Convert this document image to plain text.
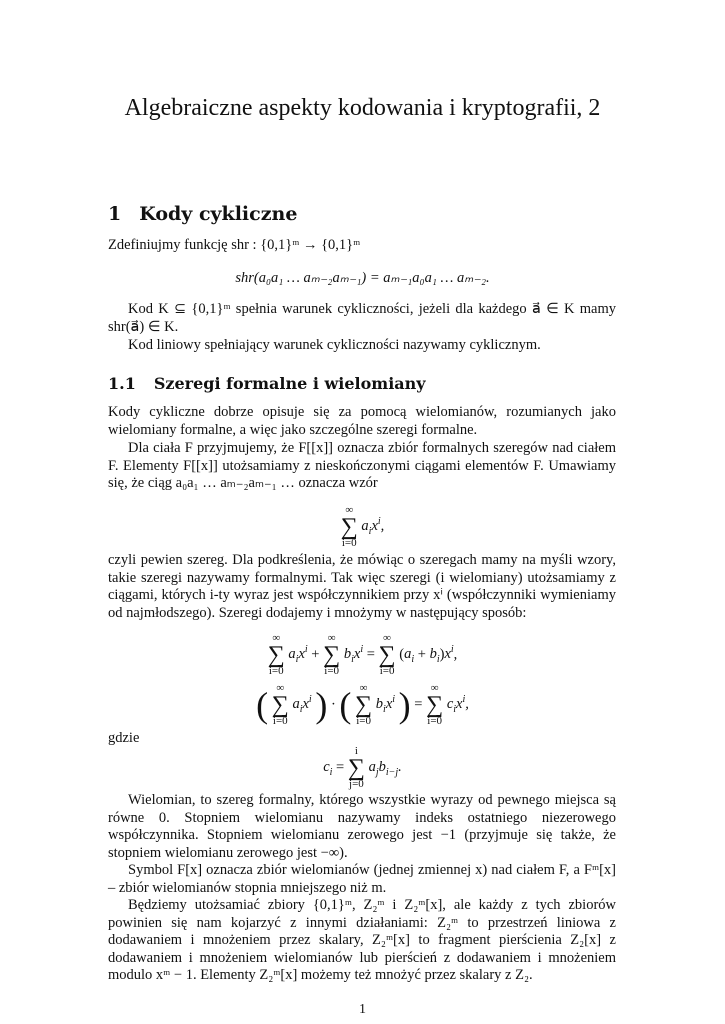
Algebraiczne aspekty kodowania i kryptografii, 2
1 Kody cykliczne
Zdefiniujmy funkcję shr : {0,1}ᵐ → {0,1}ᵐ
shr(a₀a₁ … aₘ₋₂aₘ₋₁) = aₘ₋₁a₀a₁ … aₘ₋₂.
Kod K ⊆ {0,1}ᵐ spełnia warunek cykliczności, jeżeli dla każdego a⃗ ∈ K mamy shr(a⃗) ∈ K.
Kod liniowy spełniający warunek cykliczności nazywamy cyklicznym.
1.1 Szeregi formalne i wielomiany
Kody cykliczne dobrze opisuje się za pomocą wielomianów, rozumianych jako wielomiany formalne, a więc jako szczególne szeregi formalne.
Dla ciała F przyjmujemy, że F[[x]] oznacza zbiór formalnych szeregów nad ciałem F. Elementy F[[x]] utożsamiamy z nieskończonymi ciągami elementów F. Umawiamy się, że ciąg a₀a₁ … aₘ₋₂aₘ₋₁ … oznacza wzór
∞
∑
i=0
$a_ix^i$,
czyli pewien szereg. Dla podkreślenia, że mówiąc o szeregach mamy na myśli wzory, takie szeregi nazywamy formalnymi. Tak więc szeregi (i wielomiany) utożsamiamy z ciągami, których i-ty wyraz jest współczynnikiem przy xⁱ (współczynniki wymieniamy od najmłodszego). Szeregi dodajemy i mnożymy w następujący sposób:
∞
∑
i=0
$a_ix^i$ +
∞
∑
i=0
$b_ix^i$ =
∞
∑
i=0
$(a_i + b_i)x^i$,
( ∞
∑
i=0
$a_ix^i$ ) · ( ∞
∑
i=0
$b_ix^i$ ) =
∞
∑
i=0
$c_ix^i$,
gdzie
$c_i$ =
i
∑
j=0
$a_jb_{i-j}$.
Wielomian, to szereg formalny, którego wszystkie wyrazy od pewnego miejsca są równe 0. Stopniem wielomianu nazywamy indeks ostatniego niezerowego współczynnika. Stopniem wielomianu zerowego jest −1 (przyjmuje się także, że stopniem wielomianu zerowego jest −∞).
Symbol F[x] oznacza zbiór wielomianów (jednej zmiennej x) nad ciałem F, a Fᵐ[x] – zbiór wielomianów stopnia mniejszego niż m.
Będziemy utożsamiać zbiory {0,1}ᵐ, Z₂ᵐ i Z₂ᵐ[x], ale każdy z tych zbiorów powinien się nam kojarzyć z innymi działaniami: Z₂ᵐ to przestrzeń liniowa z dodawaniem i mnożeniem przez skalary, Z₂ᵐ[x] to fragment pierścienia Z₂[x] z dodawaniem i mnożeniem wielomianów lub pierścień z dodawaniem i mnożeniem modulo xᵐ − 1. Elementy Z₂ᵐ[x] możemy też mnożyć przez skalary z Z₂.
1
